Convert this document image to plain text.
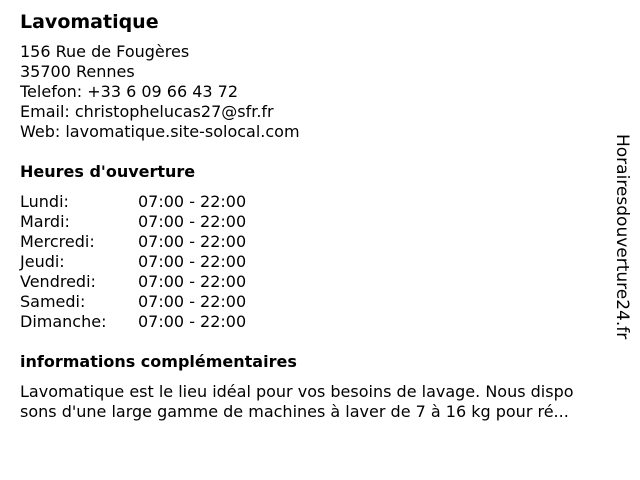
Lavomatique
156 Rue de Fougères
35700 Rennes
Telefon: +33 6 09 66 43 72
Email: christophelucas27@sfr.fr
Web: lavomatique.site-solocal.com
Heures d'ouverture
Lundi:	07:00 - 22:00
Mardi:	07:00 - 22:00
Mercredi:	07:00 - 22:00
Jeudi:	07:00 - 22:00
Vendredi:	07:00 - 22:00
Samedi:	07:00 - 22:00
Dimanche:	07:00 - 22:00
informations complémentaires
Lavomatique est le lieu idéal pour vos besoins de lavage. Nous dispo
sons d'une large gamme de machines à laver de 7 à 16 kg pour ré...
Horairesdouverture24.fr
